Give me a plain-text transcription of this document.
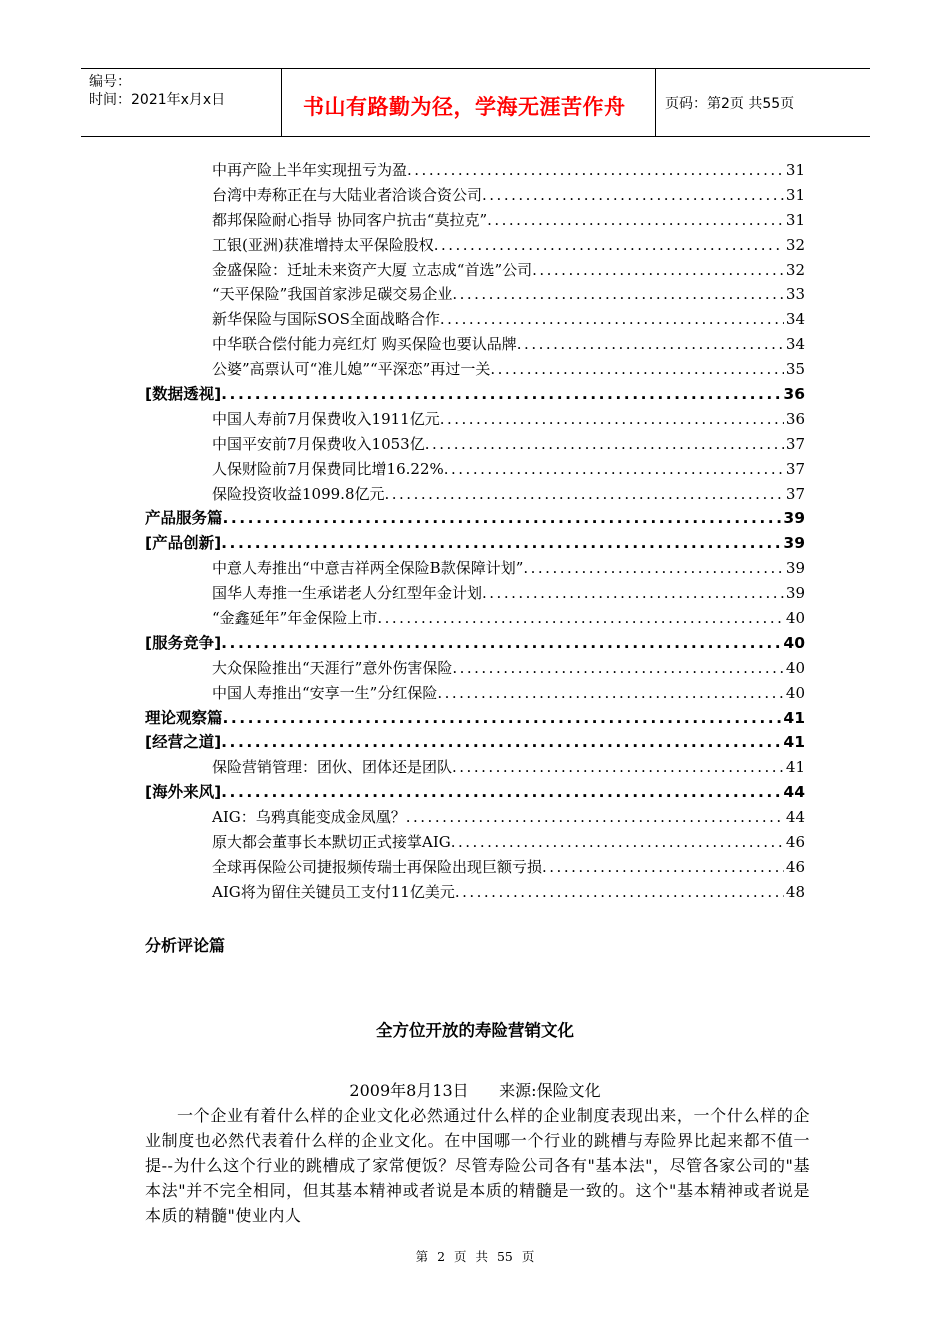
编号：
时间：2021年x月x日	书山有路勤为径，学海无涯苦作舟	页码：第2页 共55页
中再产险上半年实现扭亏为盈 .....	31
台湾中寿称正在与大陆业者洽谈合资公司 .....	31
都邦保险耐心指导 协同客户抗击“莫拉克” .....	31
工银(亚洲)获准增持太平保险股权 .....	32
金盛保险：迁址未来资产大厦 立志成“首选”公司 .....	32
“天平保险”我国首家涉足碳交易企业 .....	33
新华保险与国际SOS全面战略合作 .....	34
中华联合偿付能力亮红灯 购买保险也要认品牌 .....	34
公婆”高票认可“准儿媳”“平深恋”再过一关 .....	35
[数据透视] .....	36
中国人寿前7月保费收入1911亿元 .....	36
中国平安前7月保费收入1053亿 .....	37
人保财险前7月保费同比增16.22% .....	37
保险投资收益1099.8亿元 .....	37
产品服务篇 .....	39
[产品创新] .....	39
中意人寿推出“中意吉祥两全保险B款保障计划” .....	39
国华人寿推一生承诺老人分红型年金计划 .....	39
“金鑫延年”年金保险上市 .....	40
[服务竞争] .....	40
大众保险推出“天涯行”意外伤害保险 .....	40
中国人寿推出“安享一生”分红保险 .....	40
理论观察篇 .....	41
[经营之道] .....	41
保险营销管理：团伙、团体还是团队 .....	41
[海外来风] .....	44
AIG：乌鸦真能变成金凤凰？ .....	44
原大都会董事长本默切正式接掌AIG .....	46
全球再保险公司捷报频传瑞士再保险出现巨额亏损 .....	46
AIG将为留住关键员工支付11亿美元 .....	48
分析评论篇
全方位开放的寿险营销文化
2009年8月13日      来源:保险文化
一个企业有着什么样的企业文化必然通过什么样的企业制度表现出来，一个什么样的企业制度也必然代表着什么样的企业文化。在中国哪一个行业的跳槽与寿险界比起来都不值一提--为什么这个行业的跳槽成了家常便饭？尽管寿险公司各有"基本法"，尽管各家公司的"基本法"并不完全相同，但其基本精神或者说是本质的精髓是一致的。这个"基本精神或者说是本质的精髓"使业内人
第 2 页 共 55 页
